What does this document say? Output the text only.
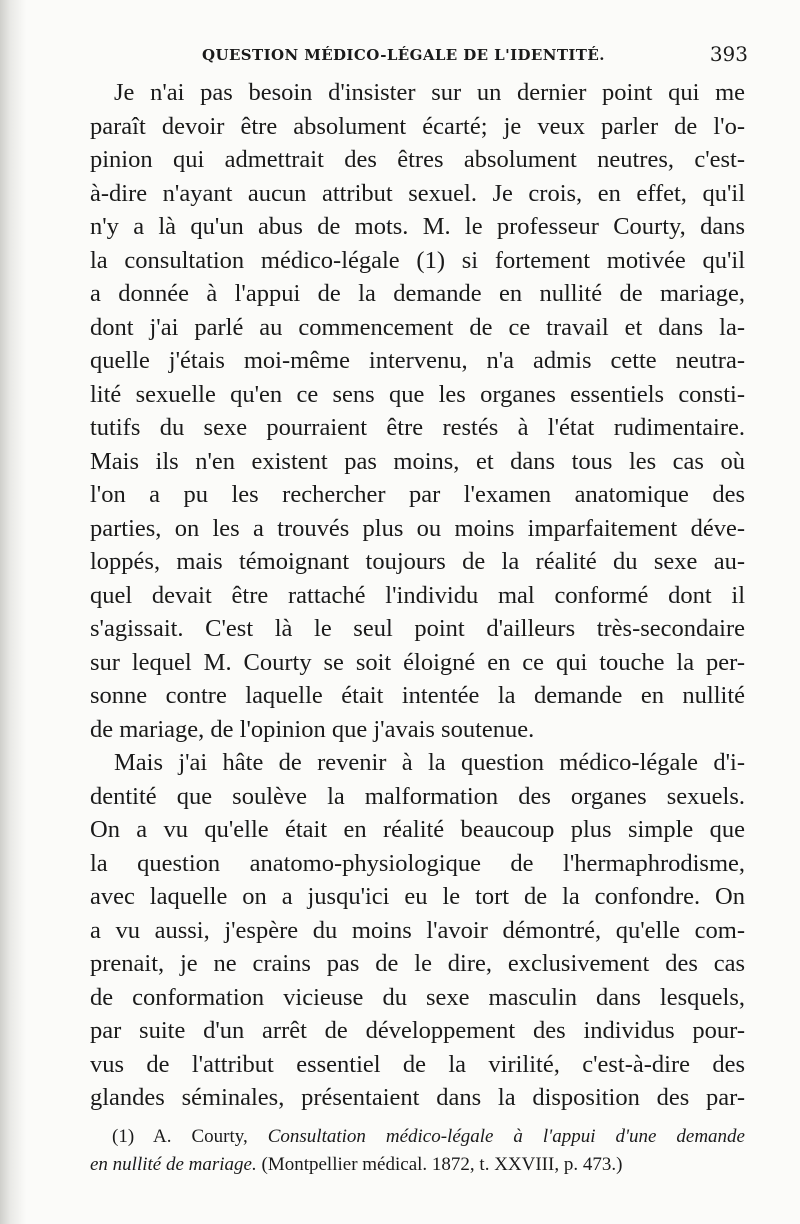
QUESTION MÉDICO-LÉGALE DE L'IDENTITÉ.	393
Je n'ai pas besoin d'insister sur un dernier point qui me
paraît devoir être absolument écarté; je veux parler de l'o-
pinion qui admettrait des êtres absolument neutres, c'est-
à-dire n'ayant aucun attribut sexuel. Je crois, en effet, qu'il
n'y a là qu'un abus de mots. M. le professeur Courty, dans
la consultation médico-légale (1) si fortement motivée qu'il
a donnée à l'appui de la demande en nullité de mariage,
dont j'ai parlé au commencement de ce travail et dans la-
quelle j'étais moi-même intervenu, n'a admis cette neutra-
lité sexuelle qu'en ce sens que les organes essentiels consti-
tutifs du sexe pourraient être restés à l'état rudimentaire.
Mais ils n'en existent pas moins, et dans tous les cas où
l'on a pu les rechercher par l'examen anatomique des
parties, on les a trouvés plus ou moins imparfaitement déve-
loppés, mais témoignant toujours de la réalité du sexe au-
quel devait être rattaché l'individu mal conformé dont il
s'agissait. C'est là le seul point d'ailleurs très-secondaire
sur lequel M. Courty se soit éloigné en ce qui touche la per-
sonne contre laquelle était intentée la demande en nullité
de mariage, de l'opinion que j'avais soutenue.
Mais j'ai hâte de revenir à la question médico-légale d'i-
dentité que soulève la malformation des organes sexuels.
On a vu qu'elle était en réalité beaucoup plus simple que
la question anatomo-physiologique de l'hermaphrodisme,
avec laquelle on a jusqu'ici eu le tort de la confondre. On
a vu aussi, j'espère du moins l'avoir démontré, qu'elle com-
prenait, je ne crains pas de le dire, exclusivement des cas
de conformation vicieuse du sexe masculin dans lesquels,
par suite d'un arrêt de développement des individus pour-
vus de l'attribut essentiel de la virilité, c'est-à-dire des
glandes séminales, présentaient dans la disposition des par-
(1) A. Courty, Consultation médico-légale à l'appui d'une demande
en nullité de mariage. (Montpellier médical. 1872, t. XXVIII, p. 473.)
